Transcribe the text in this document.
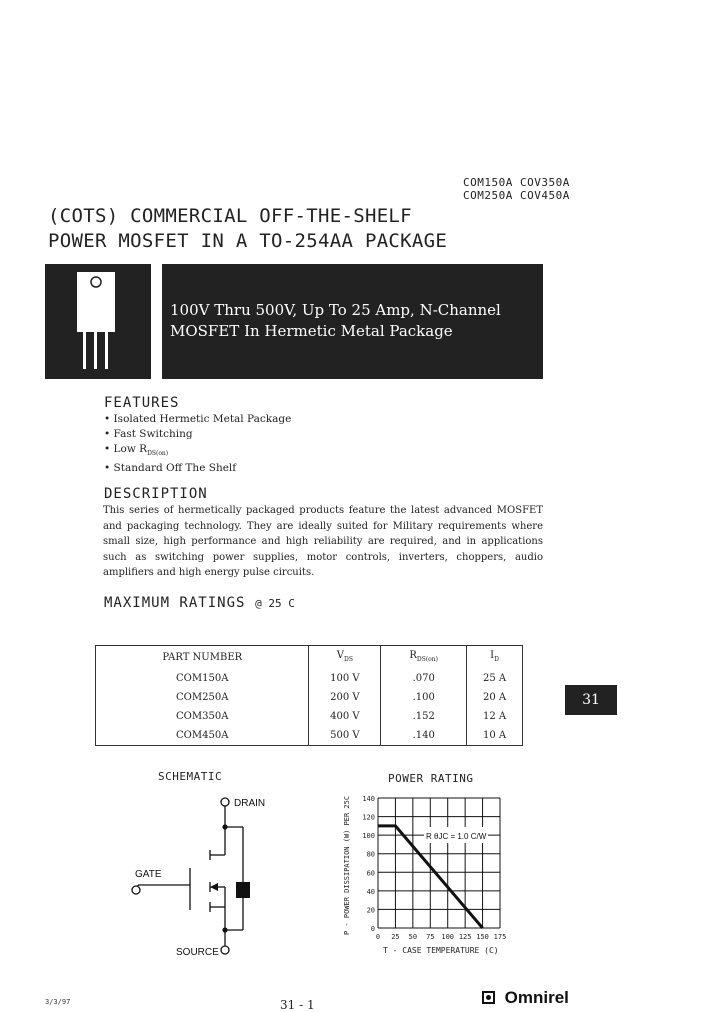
COM150A COV350A
COM250A COV450A
(COTS) COMMERCIAL OFF-THE-SHELF
POWER MOSFET IN A TO-254AA PACKAGE
100V Thru 500V, Up To 25 Amp, N-Channel
MOSFET In Hermetic Metal Package
FEATURES
• Isolated Hermetic Metal Package
• Fast Switching
• Low $R_{DS(on)}$
• Standard Off The Shelf
DESCRIPTION
This series of hermetically packaged products feature the latest advanced MOSFET and packaging technology. They are ideally suited for Military requirements where small size, high performance and high reliability are required, and in applications such as switching power supplies, motor controls, inverters, choppers, audio amplifiers and high energy pulse circuits.
MAXIMUM RATINGS @ 25 C
PART NUMBER	$V_{DS}$	$R_{DS(on)}$	$I_D$
COM150A	100 V	.070	25 A
COM250A	200 V	.100	20 A
COM350A	400 V	.152	12 A
COM450A	500 V	.140	10 A
31
SCHEMATIC
DRAIN
GATE
SOURCE
POWER RATING
0 25 50 75 100 125 150 175
0
20
40
60
80
100
120
140
R θJC = 1.0 C/W
P - POWER DISSIPATION (W) PER 25C
T - CASE TEMPERATURE (C)
3/3/97	31 - 1	Omnirel
